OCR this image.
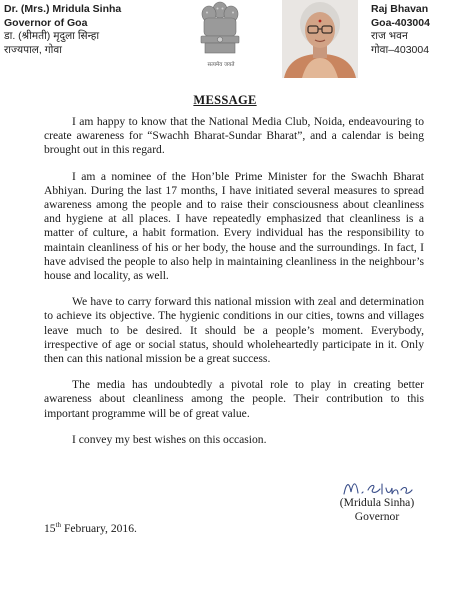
Dr. (Mrs.) Mridula Sinha
Governor of Goa
डा. (श्रीमती) मृदुला सिन्हा
राज्यपाल, गोवा
सत्यमेव जयते
Raj Bhavan
Goa-403004
राज भवन
गोवा–403004
MESSAGE

I am happy to know that the National Media Club, Noida, endeavouring to create awareness for “Swachh Bharat-Sundar Bharat”, and a calendar is being brought out in this regard.

I am a nominee of the Hon’ble Prime Minister for the Swachh Bharat Abhiyan. During the last 17 months, I have initiated several measures to spread awareness among the people and to raise their consciousness about cleanliness and hygiene at all places. I have repeatedly emphasized that cleanliness is a matter of culture, a habit formation. Every individual has the responsibility to maintain cleanliness of his or her body, the house and the surroundings. In fact, I have advised the people to also help in maintaining cleanliness in the neighbour’s house and locality, as well.

We have to carry forward this national mission with zeal and determination to achieve its objective. The hygienic conditions in our cities, towns and villages leave much to be desired. It should be a people’s moment. Everybody, irrespective of age or social status, should wholeheartedly participate in it. Only then can this national mission be a great success.

The media has undoubtedly a pivotal role to play in creating better awareness about cleanliness among the people. Their contribution to this important programme will be of great value.

I convey my best wishes on this occasion.

(Mridula Sinha)
Governor
15th February, 2016.
